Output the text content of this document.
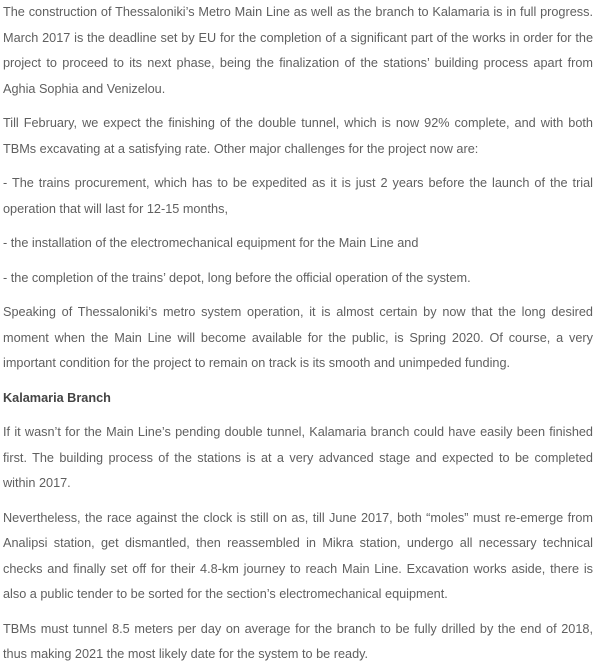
The construction of Thessaloniki’s Metro Main Line as well as the branch to Kalamaria is in full progress. March 2017 is the deadline set by EU for the completion of a significant part of the works in order for the project to proceed to its next phase, being the finalization of the stations’ building process apart from Aghia Sophia and Venizelou.

Till February, we expect the finishing of the double tunnel, which is now 92% complete, and with both TBMs excavating at a satisfying rate. Other major challenges for the project now are:

- The trains procurement, which has to be expedited as it is just 2 years before the launch of the trial operation that will last for 12-15 months,

- the installation of the electromechanical equipment for the Main Line and

- the completion of the trains’ depot, long before the official operation of the system.

Speaking of Thessaloniki’s metro system operation, it is almost certain by now that the long desired moment when the Main Line will become available for the public, is Spring 2020. Of course, a very important condition for the project to remain on track is its smooth and unimpeded funding.

Kalamaria Branch

If it wasn’t for the Main Line’s pending double tunnel, Kalamaria branch could have easily been finished first. The building process of the stations is at a very advanced stage and expected to be completed within 2017.

Nevertheless, the race against the clock is still on as, till June 2017, both “moles” must re-emerge from Analipsi station, get dismantled, then reassembled in Mikra station, undergo all necessary technical checks and finally set off for their 4.8-km journey to reach Main Line. Excavation works aside, there is also a public tender to be sorted for the section’s electromechanical equipment.

TBMs must tunnel 8.5 meters per day on average for the branch to be fully drilled by the end of 2018, thus making 2021 the most likely date for the system to be ready.
